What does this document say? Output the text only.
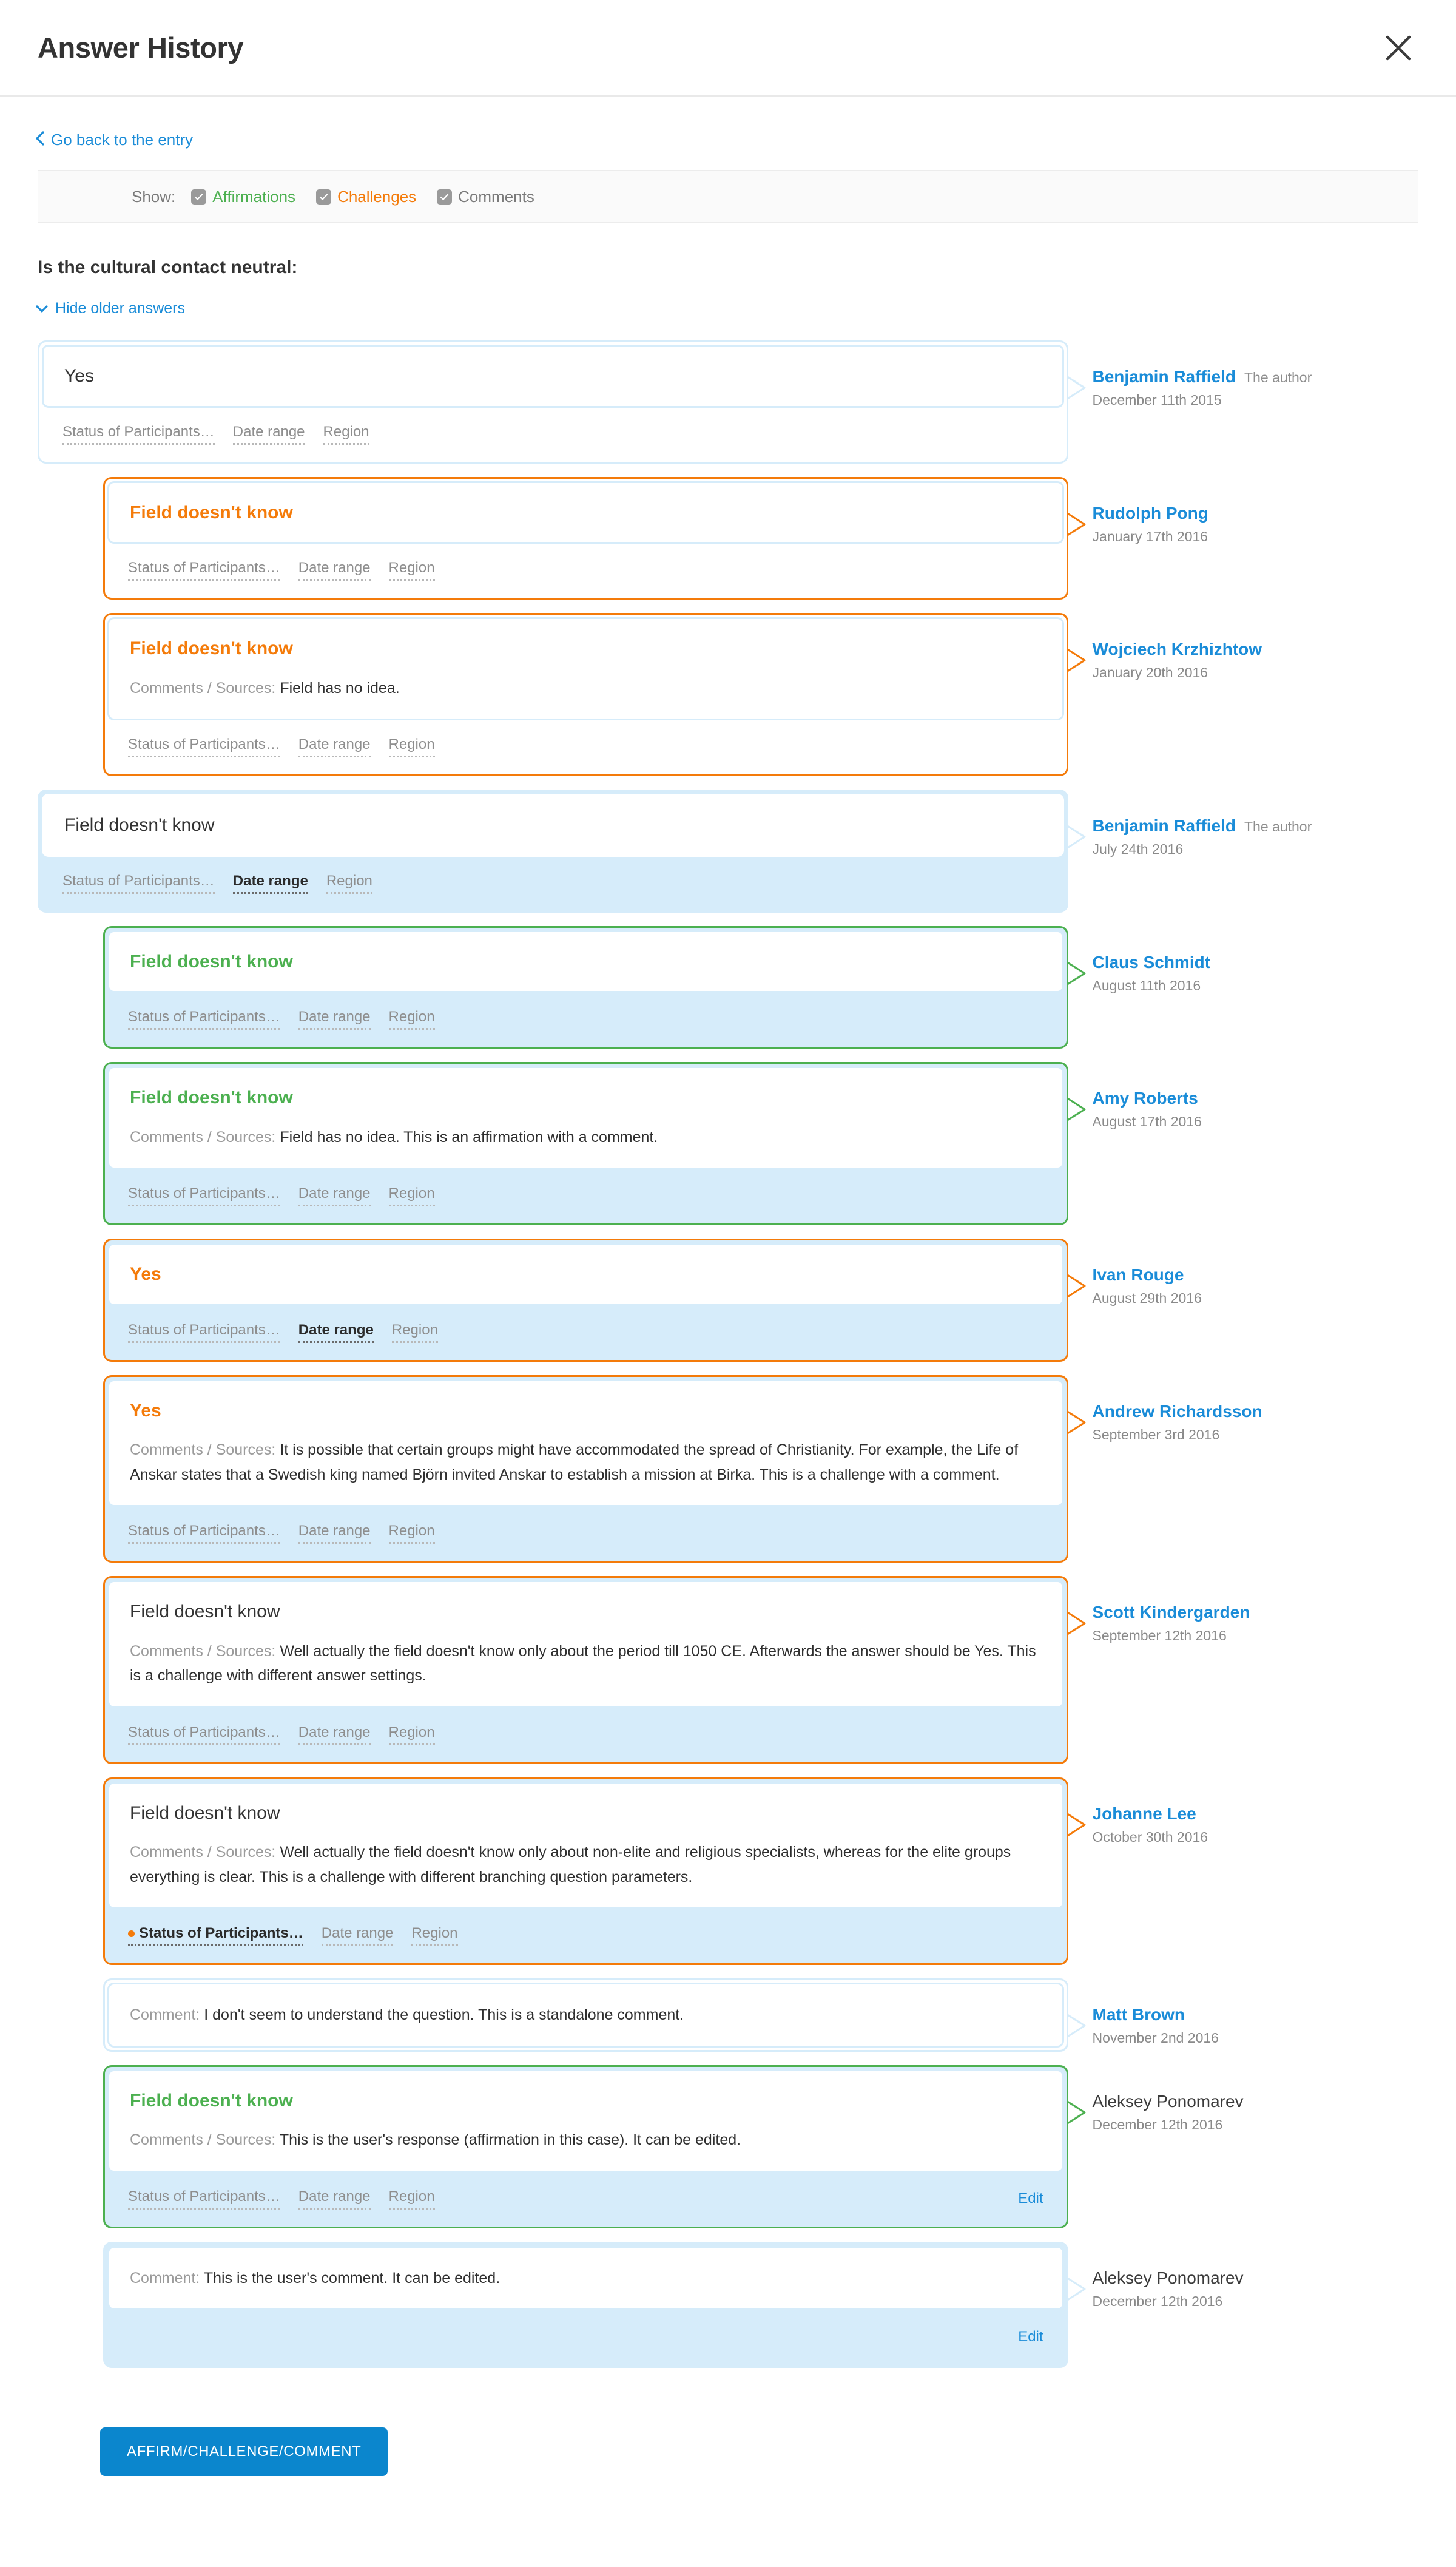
Answer History
Go back to the entry
Show: Affirmations	Challenges	Comments
Is the cultural contact neutral:
Hide older answers
Yes
Status of Participants… Date range Region
Benjamin Raffield The author
December 11th 2015
Field doesn't know
Status of Participants… Date range Region
Rudolph Pong
January 17th 2016
Field doesn't know
Comments / Sources: Field has no idea.
Status of Participants… Date range Region
Wojciech Krzhizhtow
January 20th 2016
Field doesn't know
Status of Participants… Date range Region
Benjamin Raffield The author
July 24th 2016
Field doesn't know
Status of Participants… Date range Region
Claus Schmidt
August 11th 2016
Field doesn't know
Comments / Sources: Field has no idea. This is an affirmation with a comment.
Status of Participants… Date range Region
Amy Roberts
August 17th 2016
Yes
Status of Participants… Date range Region
Ivan Rouge
August 29th 2016
Yes
Comments / Sources: It is possible that certain groups might have accommodated the spread of Christianity. For example, the Life of Anskar states that a Swedish king named Björn invited Anskar to establish a mission at Birka. This is a challenge with a comment.
Status of Participants… Date range Region
Andrew Richardsson
September 3rd 2016
Field doesn't know
Comments / Sources: Well actually the field doesn't know only about the period till 1050 CE. Afterwards the answer should be Yes. This is a challenge with different answer settings.
Status of Participants… Date range Region
Scott Kindergarden
September 12th 2016
Field doesn't know
Comments / Sources: Well actually the field doesn't know only about non-elite and religious specialists, whereas for the elite groups everything is clear. This is a challenge with different branching question parameters.
Status of Participants… Date range Region
Johanne Lee
October 30th 2016
Comment: I don't seem to understand the question. This is a standalone comment.	Matt Brown
November 2nd 2016
Field doesn't know
Comments / Sources: This is the user's response (affirmation in this case). It can be edited.
Status of Participants… Date range Region	Edit
Aleksey Ponomarev
December 12th 2016
Comment: This is the user's comment. It can be edited.
Edit
Aleksey Ponomarev
December 12th 2016
AFFIRM/CHALLENGE/COMMENT
